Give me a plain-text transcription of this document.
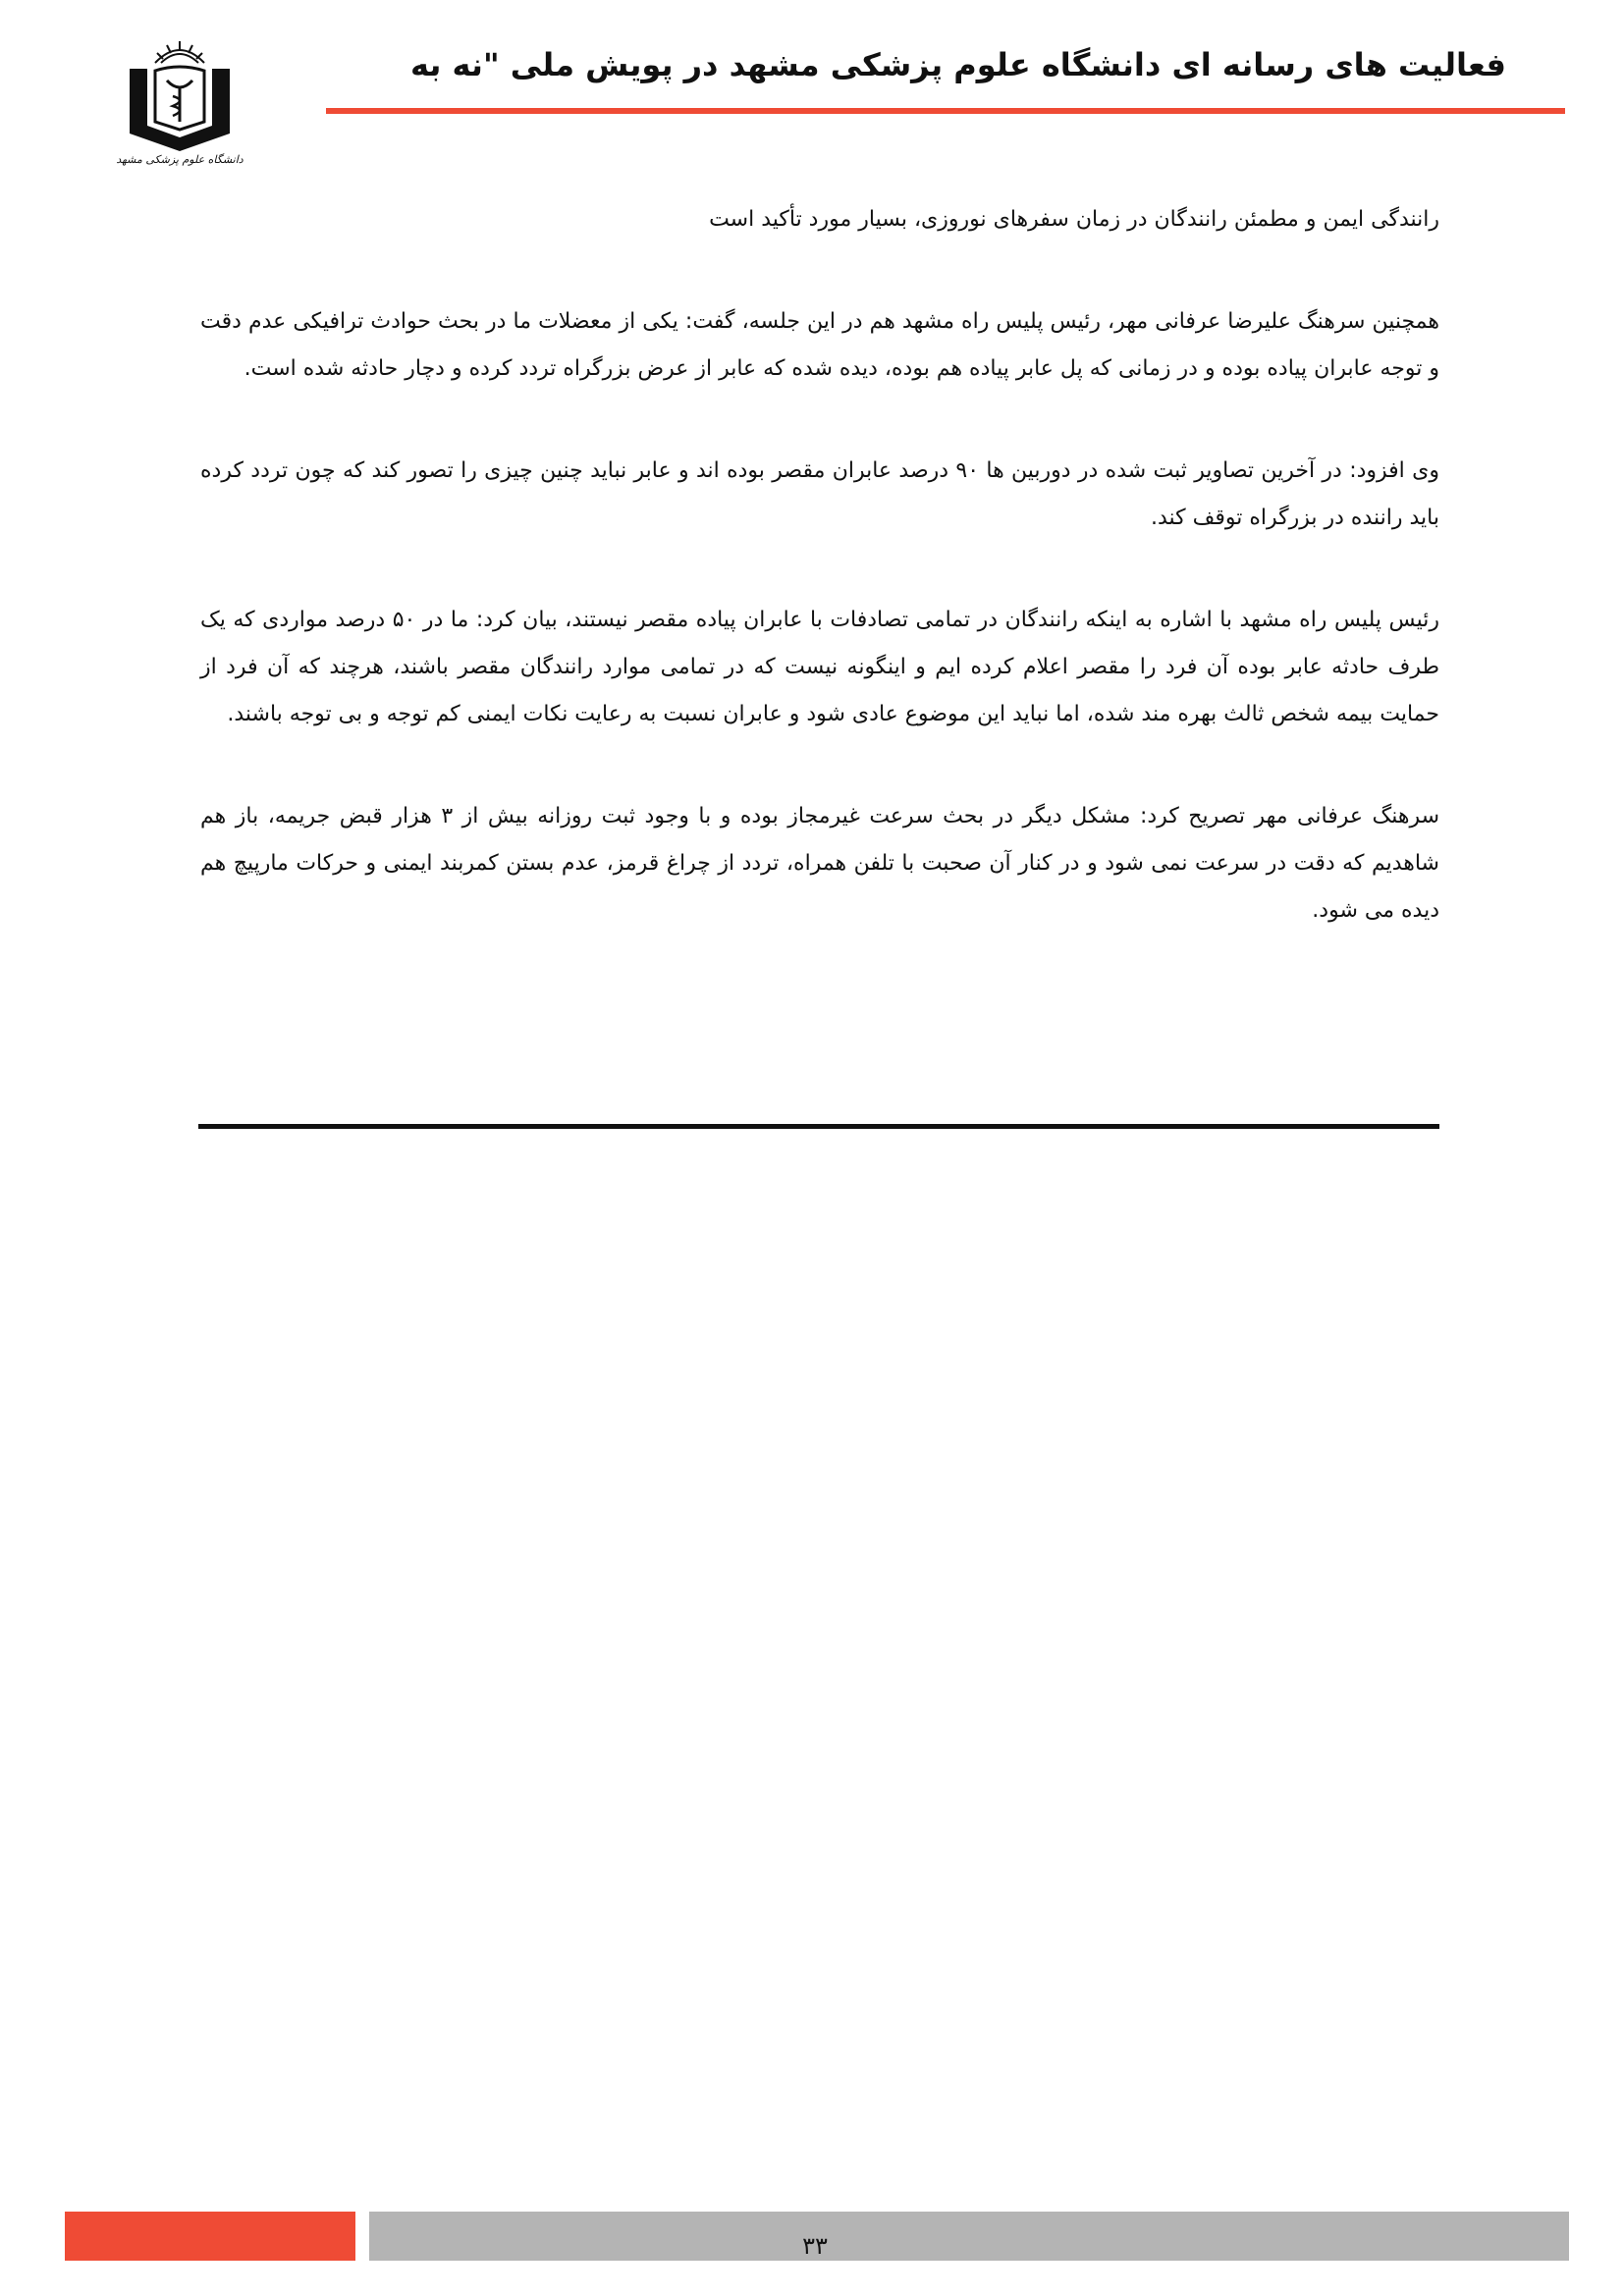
دانشگاه علوم پزشکی مشهد
فعالیت های رسانه ای دانشگاه علوم پزشکی مشهد در پویش ملی "نه به

رانندگی ایمن و مطمئن رانندگان در زمان سفرهای نوروزی، بسیار مورد تأکید است

همچنین سرهنگ علیرضا عرفانی مهر، رئیس پلیس راه مشهد هم در این جلسه، گفت: یکی از معضلات ما در بحث حوادث ترافیکی عدم دقت و توجه عابران پیاده بوده و در زمانی که پل عابر پیاده هم بوده، دیده شده که عابر از عرض بزرگراه تردد کرده و دچار حادثه شده است.

وی افزود: در آخرین تصاویر ثبت شده در دوربین ها ۹۰ درصد عابران مقصر بوده اند و عابر نباید چنین چیزی را تصور کند که چون تردد کرده باید راننده در بزرگراه توقف کند.

رئیس پلیس راه مشهد با اشاره به اینکه رانندگان در تمامی تصادفات با عابران پیاده مقصر نیستند، بیان کرد: ما در ۵۰ درصد مواردی که یک طرف حادثه عابر بوده آن فرد را مقصر اعلام کرده ایم و اینگونه نیست که در تمامی موارد رانندگان مقصر باشند، هرچند که آن فرد از حمایت بیمه شخص ثالث بهره مند شده، اما نباید این موضوع عادی شود و عابران نسبت به رعایت نکات ایمنی کم توجه و بی توجه باشند.

سرهنگ عرفانی مهر تصریح کرد: مشکل دیگر در بحث سرعت غیرمجاز بوده و با وجود ثبت روزانه بیش از ۳ هزار قبض جریمه، باز هم شاهدیم که دقت در سرعت نمی شود و در کنار آن صحبت با تلفن همراه، تردد از چراغ قرمز، عدم بستن کمربند ایمنی و حرکات مارپیچ هم دیده می شود.

۳۳
